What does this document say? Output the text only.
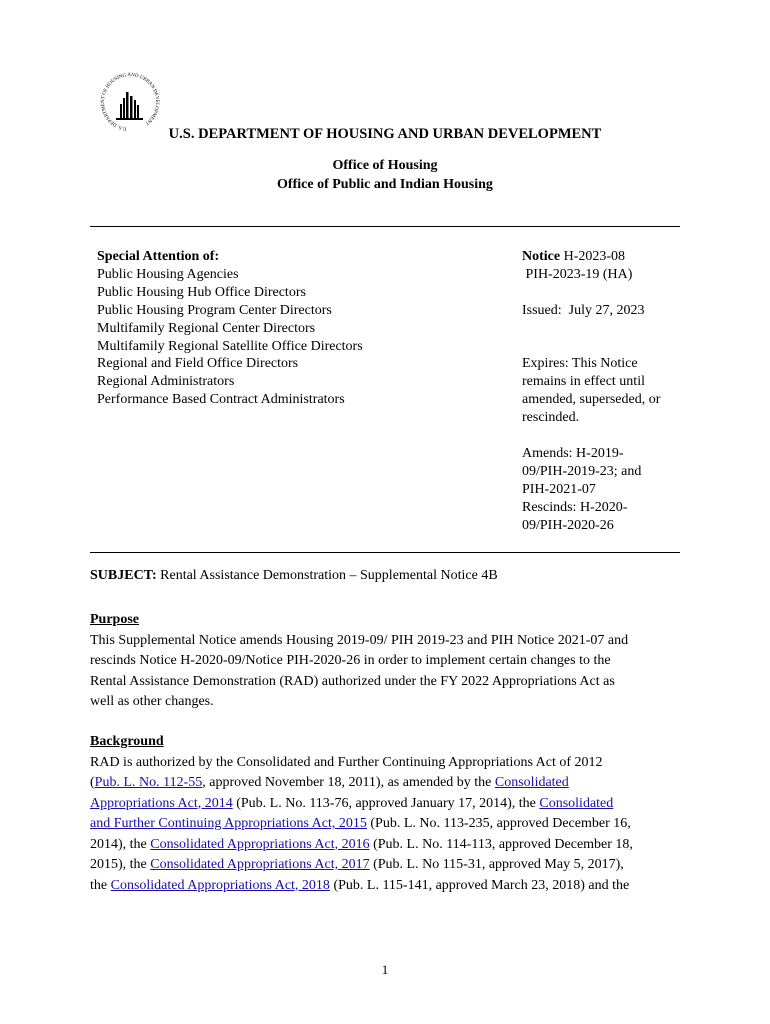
U.S. DEPARTMENT OF HOUSING AND URBAN DEVELOPMENT
U.S. DEPARTMENT OF HOUSING AND URBAN DEVELOPMENT
Office of Housing
Office of Public and Indian Housing
Special Attention of:
Public Housing Agencies
Public Housing Hub Office Directors
Public Housing Program Center Directors
Multifamily Regional Center Directors
Multifamily Regional Satellite Office Directors
Regional and Field Office Directors
Regional Administrators
Performance Based Contract Administrators
Notice H-2023-08
PIH-2023-19 (HA)
Issued:  July 27, 2023
Expires: This Notice
remains in effect until
amended, superseded, or
rescinded.
Amends: H-2019-
09/PIH-2019-23; and
PIH-2021-07
Rescinds: H-2020-
09/PIH-2020-26
SUBJECT: Rental Assistance Demonstration – Supplemental Notice 4B
Purpose
This Supplemental Notice amends Housing 2019-09/ PIH 2019-23 and PIH Notice 2021-07 and
rescinds Notice H-2020-09/Notice PIH-2020-26 in order to implement certain changes to the
Rental Assistance Demonstration (RAD) authorized under the FY 2022 Appropriations Act as
well as other changes.
Background
RAD is authorized by the Consolidated and Further Continuing Appropriations Act of 2012
(Pub. L. No. 112-55, approved November 18, 2011), as amended by the Consolidated
Appropriations Act, 2014 (Pub. L. No. 113-76, approved January 17, 2014), the Consolidated
and Further Continuing Appropriations Act, 2015 (Pub. L. No. 113-235, approved December 16,
2014), the Consolidated Appropriations Act, 2016 (Pub. L. No. 114-113, approved December 18,
2015), the Consolidated Appropriations Act, 2017 (Pub. L. No 115-31, approved May 5, 2017),
the Consolidated Appropriations Act, 2018 (Pub. L. 115-141, approved March 23, 2018) and the
1
